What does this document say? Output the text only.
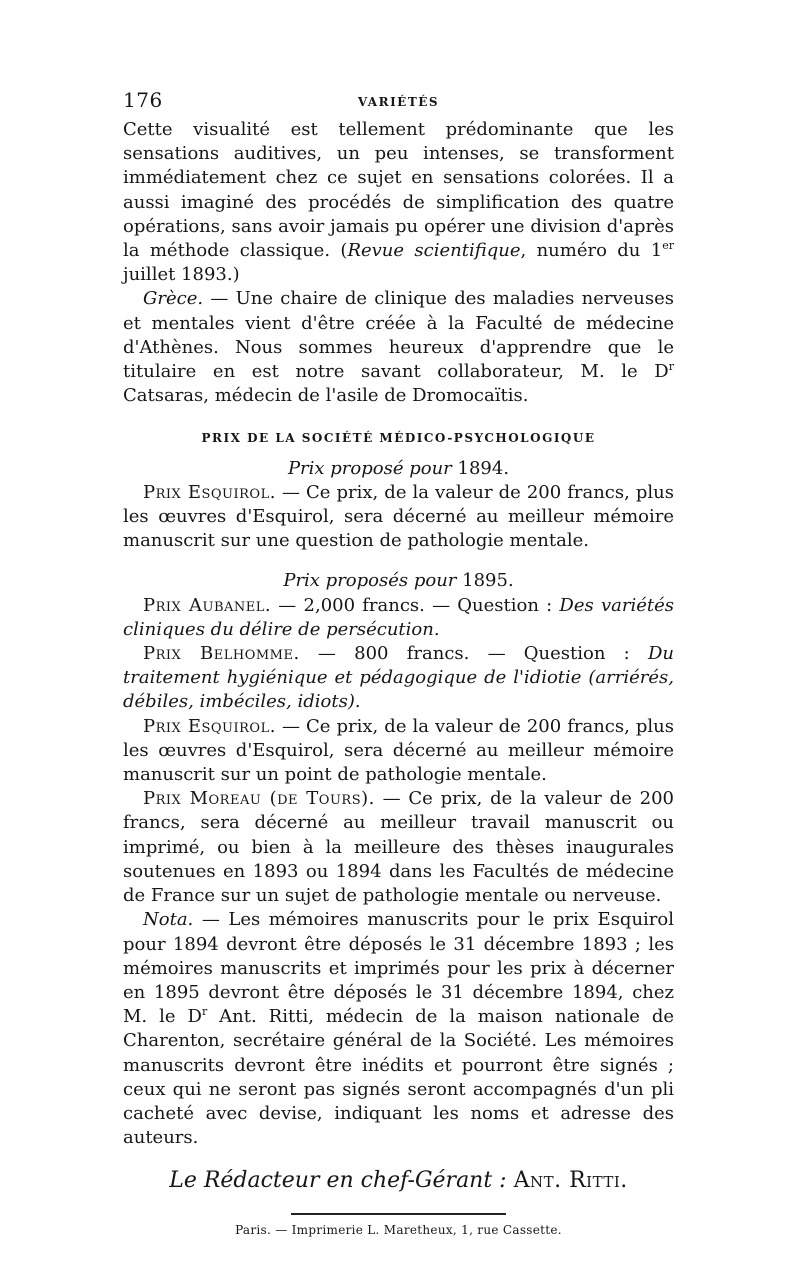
176	VARIÉTÉS

Cette visualité est tellement prédominante que les sensations auditives, un peu intenses, se transforment immédiatement chez ce sujet en sensations colorées. Il a aussi imaginé des procédés de simplification des quatre opérations, sans avoir jamais pu opérer une division d'après la méthode classique. (Revue scientifique, numéro du 1er juillet 1893.)

Grèce. — Une chaire de clinique des maladies nerveuses et mentales vient d'être créée à la Faculté de médecine d'Athènes. Nous sommes heureux d'apprendre que le titulaire en est notre savant collaborateur, M. le $D^r$ Catsaras, médecin de l'asile de Dromocaïtis.

PRIX DE LA SOCIÉTÉ MÉDICO-PSYCHOLOGIQUE

Prix proposé pour 1894.

Prix Esquirol. — Ce prix, de la valeur de 200 francs, plus les œuvres d'Esquirol, sera décerné au meilleur mémoire manuscrit sur une question de pathologie mentale.

Prix proposés pour 1895.

Prix Aubanel. — 2,000 francs. — Question : Des variétés cliniques du délire de persécution.

Prix Belhomme. — 800 francs. — Question : Du traitement hygiénique et pédagogique de l'idiotie (arriérés, débiles, imbéciles, idiots).

Prix Esquirol. — Ce prix, de la valeur de 200 francs, plus les œuvres d'Esquirol, sera décerné au meilleur mémoire manuscrit sur un point de pathologie mentale.

Prix Moreau (de Tours). — Ce prix, de la valeur de 200 francs, sera décerné au meilleur travail manuscrit ou imprimé, ou bien à la meilleure des thèses inaugurales soutenues en 1893 ou 1894 dans les Facultés de médecine de France sur un sujet de pathologie mentale ou nerveuse.

Nota. — Les mémoires manuscrits pour le prix Esquirol pour 1894 devront être déposés le 31 décembre 1893 ; les mémoires manuscrits et imprimés pour les prix à décerner en 1895 devront être déposés le 31 décembre 1894, chez M. le $D^r$ Ant. Ritti, médecin de la maison nationale de Charenton, secrétaire général de la Société. Les mémoires manuscrits devront être inédits et pourront être signés ; ceux qui ne seront pas signés seront accompagnés d'un pli cacheté avec devise, indiquant les noms et adresse des auteurs.

Le Rédacteur en chef-Gérant : Ant. Ritti.
Paris. — Imprimerie L. Maretheux, 1, rue Cassette.
